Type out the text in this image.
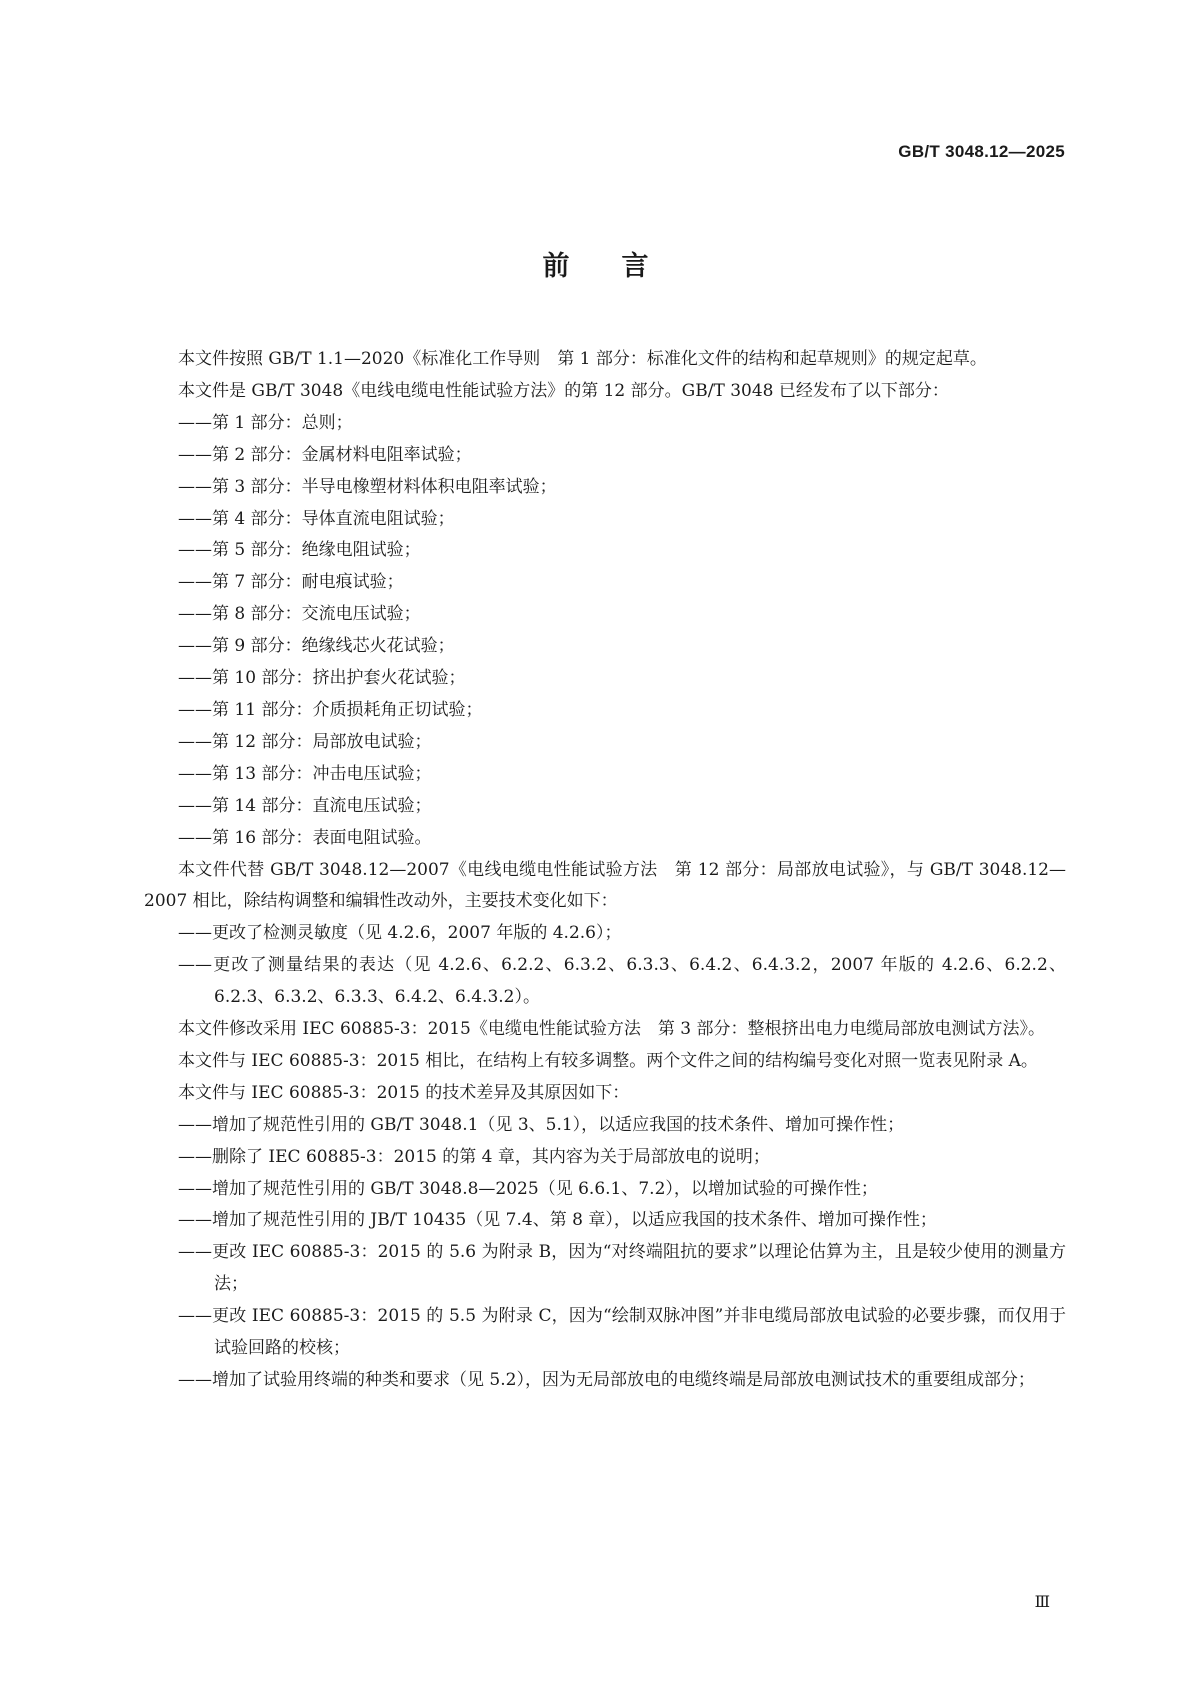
GB/T 3048.12—2025
前言

本文件按照 GB/T 1.1—2020《标准化工作导则　第 1 部分：标准化文件的结构和起草规则》的规定起草。

本文件是 GB/T 3048《电线电缆电性能试验方法》的第 12 部分。GB/T 3048 已经发布了以下部分：

——第 1 部分：总则；

——第 2 部分：金属材料电阻率试验；

——第 3 部分：半导电橡塑材料体积电阻率试验；

——第 4 部分：导体直流电阻试验；

——第 5 部分：绝缘电阻试验；

——第 7 部分：耐电痕试验；

——第 8 部分：交流电压试验；

——第 9 部分：绝缘线芯火花试验；

——第 10 部分：挤出护套火花试验；

——第 11 部分：介质损耗角正切试验；

——第 12 部分：局部放电试验；

——第 13 部分：冲击电压试验；

——第 14 部分：直流电压试验；

——第 16 部分：表面电阻试验。

本文件代替 GB/T 3048.12—2007《电线电缆电性能试验方法　第 12 部分：局部放电试验》，与 GB/T 3048.12—2007 相比，除结构调整和编辑性改动外，主要技术变化如下：

——更改了检测灵敏度（见 4.2.6，2007 年版的 4.2.6）；

——更改了测量结果的表达（见 4.2.6、6.2.2、6.3.2、6.3.3、6.4.2、6.4.3.2，2007 年版的 4.2.6、6.2.2、6.2.3、6.3.2、6.3.3、6.4.2、6.4.3.2）。

本文件修改采用 IEC 60885-3：2015《电缆电性能试验方法　第 3 部分：整根挤出电力电缆局部放电测试方法》。

本文件与 IEC 60885-3：2015 相比，在结构上有较多调整。两个文件之间的结构编号变化对照一览表见附录 A。

本文件与 IEC 60885-3：2015 的技术差异及其原因如下：

——增加了规范性引用的 GB/T 3048.1（见 3、5.1），以适应我国的技术条件、增加可操作性；

——删除了 IEC 60885-3：2015 的第 4 章，其内容为关于局部放电的说明；

——增加了规范性引用的 GB/T 3048.8—2025（见 6.6.1、7.2），以增加试验的可操作性；

——增加了规范性引用的 JB/T 10435（见 7.4、第 8 章），以适应我国的技术条件、增加可操作性；

——更改 IEC 60885-3：2015 的 5.6 为附录 B，因为“对终端阻抗的要求”以理论估算为主，且是较少使用的测量方法；

——更改 IEC 60885-3：2015 的 5.5 为附录 C，因为“绘制双脉冲图”并非电缆局部放电试验的必要步骤，而仅用于试验回路的校核；

——增加了试验用终端的种类和要求（见 5.2），因为无局部放电的电缆终端是局部放电测试技术的重要组成部分；

Ⅲ
